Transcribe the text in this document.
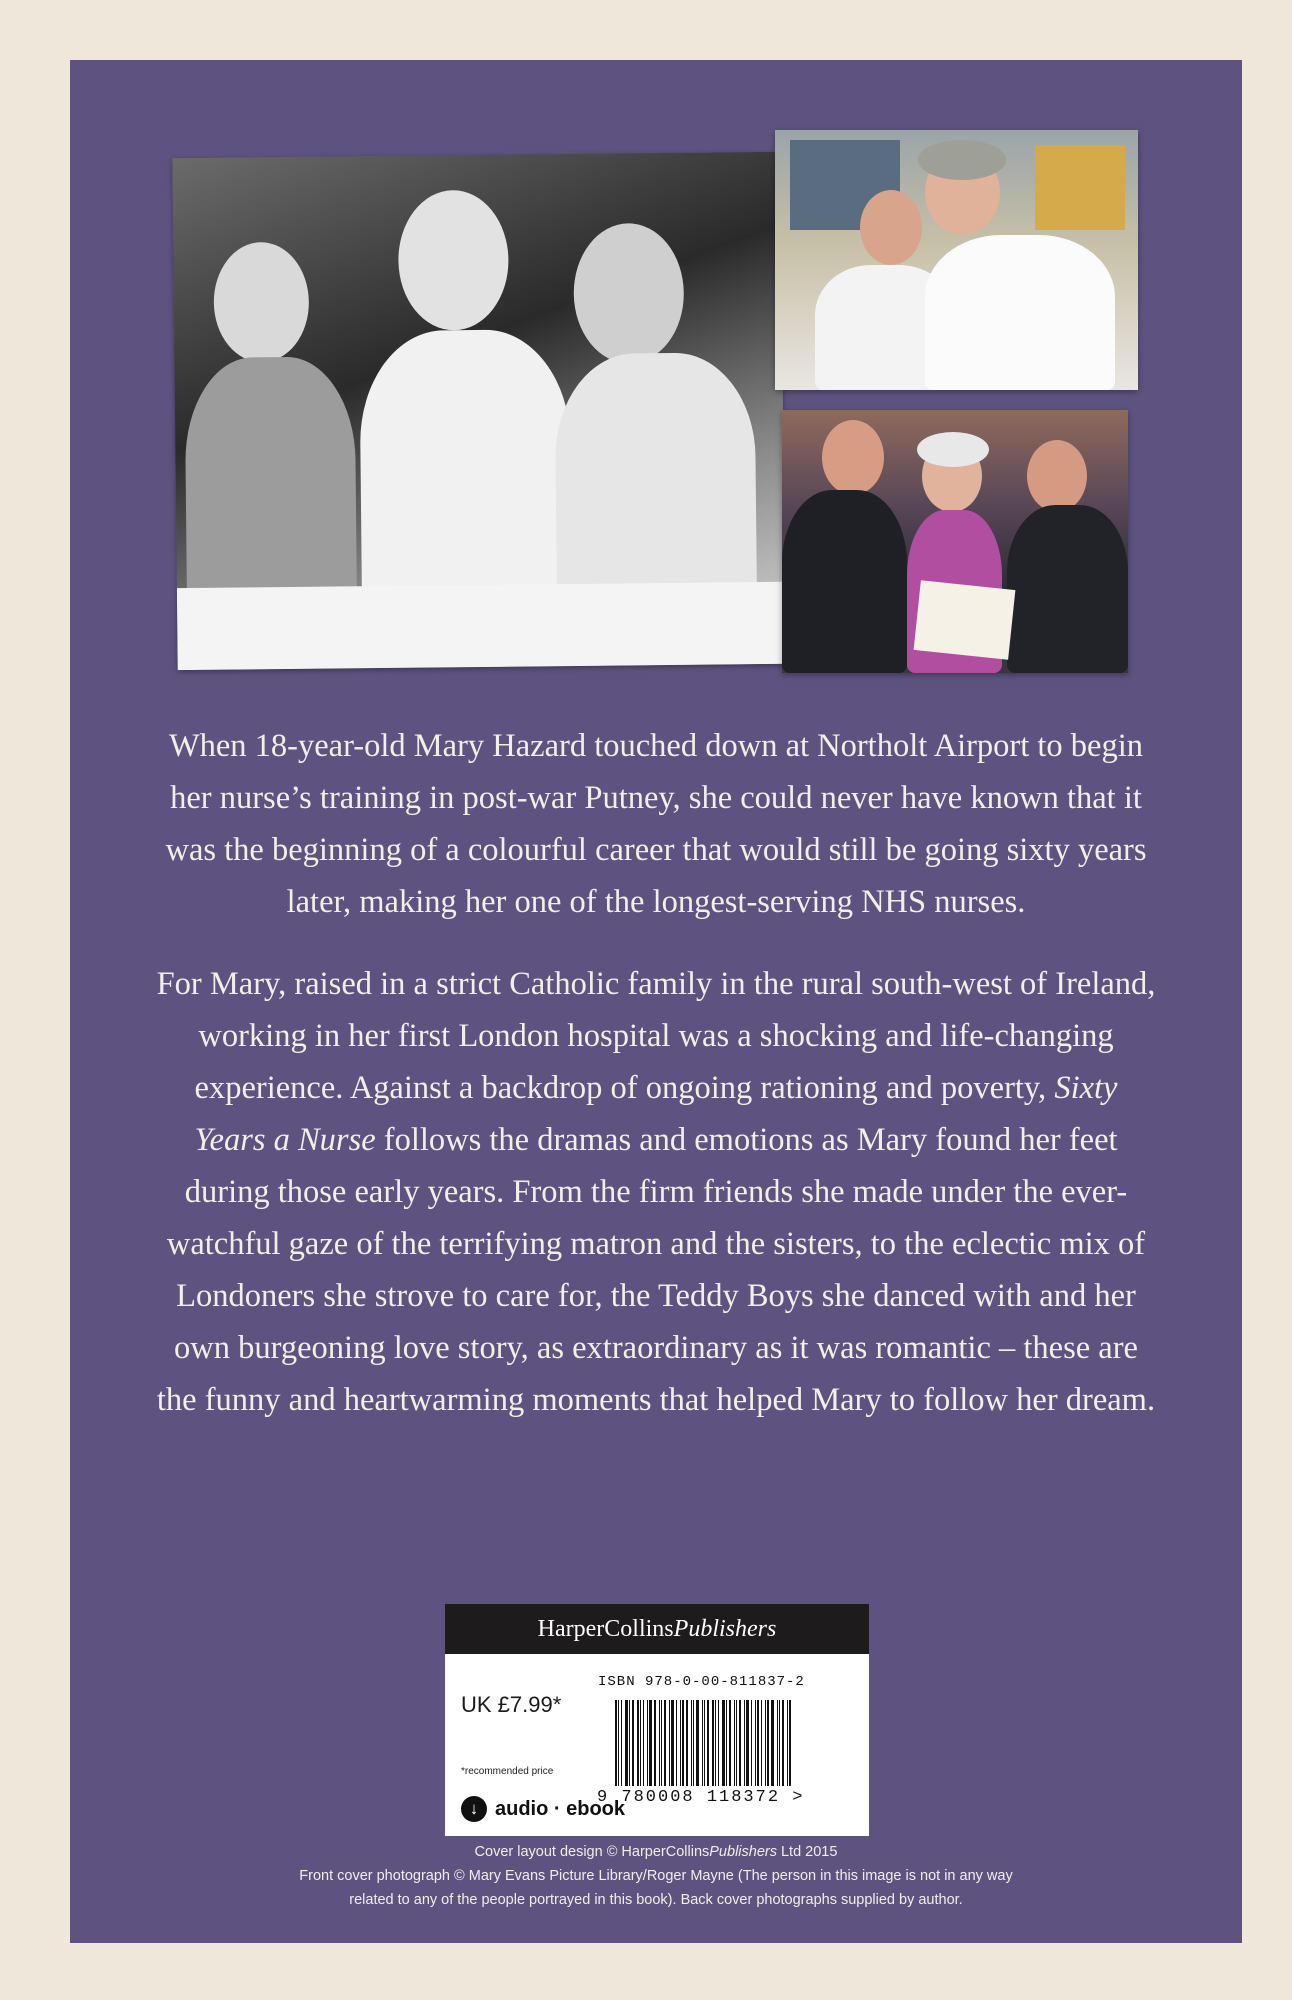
When 18-year-old Mary Hazard touched down at Northolt Airport to begin her nurse’s training in post-war Putney, she could never have known that it was the beginning of a colourful career that would still be going sixty years later, making her one of the longest-serving NHS nurses.

For Mary, raised in a strict Catholic family in the rural south-west of Ireland, working in her first London hospital was a shocking and life-changing experience. Against a backdrop of ongoing rationing and poverty, Sixty Years a Nurse follows the dramas and emotions as Mary found her feet during those early years. From the firm friends she made under the ever-watchful gaze of the terrifying matron and the sisters, to the eclectic mix of Londoners she strove to care for, the Teddy Boys she danced with and her own burgeoning love story, as extraordinary as it was romantic – these are the funny and heartwarming moments that helped Mary to follow her dream.

HarperCollinsPublishers
UK £7.99*
*recommended price
↓ audio · ebook
ISBN 978-0-00-811837-2
9 780008 118372 >
Cover layout design © HarperCollinsPublishers Ltd 2015
Front cover photograph © Mary Evans Picture Library/Roger Mayne (The person in this image is not in any way
related to any of the people portrayed in this book). Back cover photographs supplied by author.
